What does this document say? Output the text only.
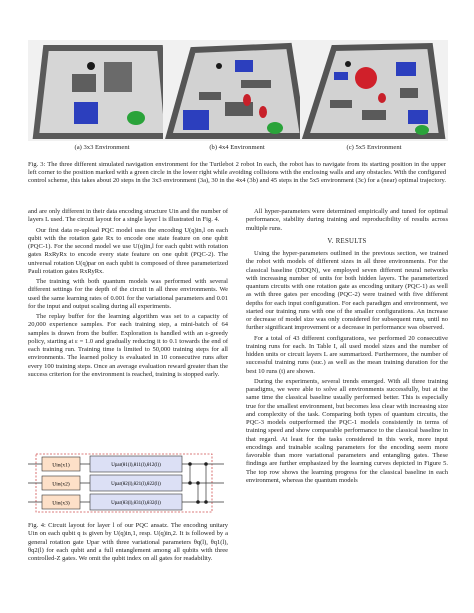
(a) 3x3 Environment	(b) 4x4 Environment	(c) 5x5 Environment
Fig. 3: The three different simulated navigation environment for the Turtlebot 2 robot In each, the robot has to navigate from its starting position in the upper left corner to the position marked with a green circle in the lower right while avoiding collisions with the enclosing walls and any obstacles. With the configured control scheme, this takes about 20 steps in the 3x3 environment (3a), 30 in the 4x4 (3b) and 45 steps in the 5x5 environment (3c) for a (near) optimal trajectory.

and are only different in their data encoding structure Uin and the number of layers L used. The circuit layout for a single layer l is illustrated in Fig. 4.

Our first data re-upload PQC model uses the encoding U(q)in,l on each qubit with the rotation gate Rx to encode one state feature on one qubit (PQC-1). For the second model we use U(q)in,l for each qubit with rotation gates RxRyRx to encode every state feature on one qubit (PQC-2). The universal rotation U(q)par on each qubit is composed of three parameterized Pauli rotation gates RxRyRx.

The training with both quantum models was performed with several different settings for the depth of the circuit in all three environments. We used the same learning rates of 0.001 for the variational parameters and 0.01 for the input and output scaling during all experiments.

The replay buffer for the learning algorithm was set to a capacity of 20,000 experience samples. For each training step, a mini-batch of 64 samples is drawn from the buffer. Exploration is handled with an ε-greedy policy, starting at ε = 1.0 and gradually reducing it to 0.1 towards the end of each training run. Training time is limited to 50,000 training steps for all environments. The learned policy is evaluated in 10 consecutive runs after every 100 training steps. Once an average evaluation reward greater than the success criterion for the environment is reached, training is stopped early.

Uin(x1)
Uin(x2)
Uin(x3)
Upar(θ1(l),θ11(l),θ12(l))
Upar(θ2(l),θ21(l),θ22(l))
Upar(θ3(l),θ31(l),θ32(l))
Fig. 4: Circuit layout for layer l of our PQC ansatz. The encoding unitary Uin on each qubit q is given by U(q)in,1, resp. U(q)in,2. It is followed by a general rotation gate Upar with three variational parameters θq(l), θq1(l), θq2(l) for each qubit and a full entanglement among all qubits with three controlled-Z gates. We omit the qubit index on all gates for readability.

All hyper-parameters were determined empirically and tuned for optimal performance, stability during training and reproducibility of results across multiple runs.

V. RESULTS

Using the hyper-parameters outlined in the previous section, we trained the robot with models of different sizes in all three environments. For the classical baseline (DDQN), we employed seven different neural networks with increasing number of units for both hidden layers. The parameterized quantum circuits with one rotation gate as encoding unitary (PQC-1) as well as with three gates per encoding (PQC-2) were trained with five different depths for each input configuration. For each paradigm and environment, we started our training runs with one of the smaller configurations. An increase or decrease of model size was only considered for subsequent runs, until no further significant improvement or a decrease in performance was observed.

For a total of 43 different configurations, we performed 20 consecutive training runs for each. In Table I, all used model sizes and the number of hidden units or circuit layers L are summarized. Furthermore, the number of successful training runs (suc.) as well as the mean training duration for the best 10 runs (t) are shown.

During the experiments, several trends emerged. With all three training paradigms, we were able to solve all environments successfully, but at the same time the classical baseline usually performed better. This is especially true for the smallest environment, but becomes less clear with increasing size and complexity of the task. Comparing both types of quantum circuits, the PQC-3 models outperformed the PQC-1 models consistently in terms of training speed and show comparable performance to the classical baseline in that regard. At least for the tasks considered in this work, more input encodings and trainable scaling parameters for the encoding seem more favorable than more variational parameters and entangling gates. These findings are further emphasized by the learning curves depicted in Figure 5. The top row shows the learning progress for the classical baseline in each environment, whereas the quantum models
